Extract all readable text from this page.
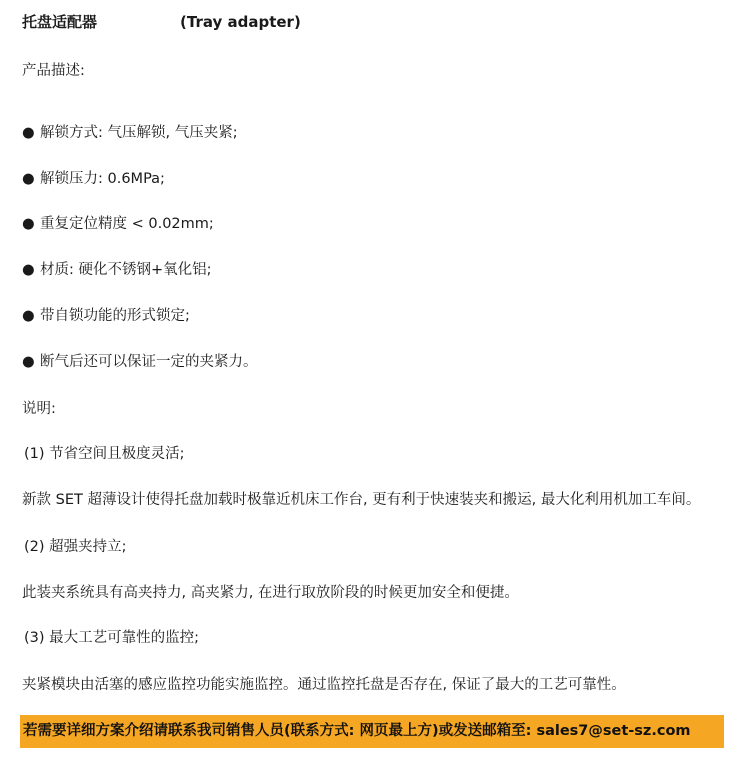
托盘适配器	(Tray adapter)
产品描述:
● 解锁方式: 气压解锁, 气压夹紧;
● 解锁压力: 0.6MPa;
● 重复定位精度 < 0.02mm;
● 材质: 硬化不锈钢+氧化铝;
● 带自锁功能的形式锁定;
● 断气后还可以保证一定的夹紧力。
说明:
(1) 节省空间且极度灵活;
新款 SET 超薄设计使得托盘加载时极靠近机床工作台, 更有利于快速装夹和搬运, 最大化利用机加工车间。
(2) 超强夹持立;
此装夹系统具有高夹持力, 高夹紧力, 在进行取放阶段的时候更加安全和便捷。
(3) 最大工艺可靠性的监控;
夹紧模块由活塞的感应监控功能实施监控。通过监控托盘是否存在, 保证了最大的工艺可靠性。
若需要详细方案介绍请联系我司销售人员(联系方式: 网页最上方)或发送邮箱至: sales7@set-sz.com
